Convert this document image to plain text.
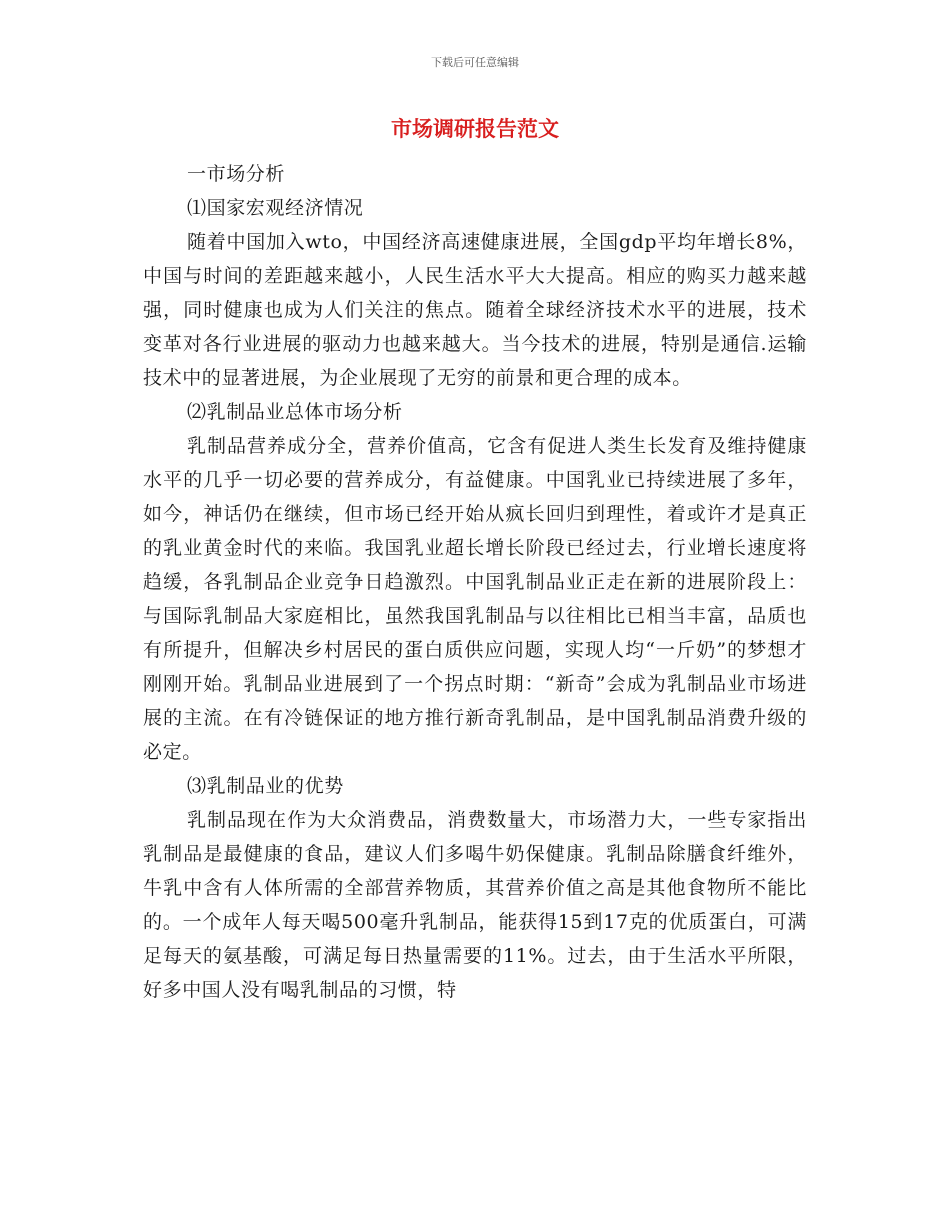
下载后可任意编辑
市场调研报告范文

一市场分析

⑴国家宏观经济情况

随着中国加入wto，中国经济高速健康进展，全国gdp平均年增长8%，中国与时间的差距越来越小，人民生活水平大大提高。相应的购买力越来越强，同时健康也成为人们关注的焦点。随着全球经济技术水平的进展，技术变革对各行业进展的驱动力也越来越大。当今技术的进展，特别是通信.运输技术中的显著进展，为企业展现了无穷的前景和更合理的成本。

⑵乳制品业总体市场分析

乳制品营养成分全，营养价值高，它含有促进人类生长发育及维持健康水平的几乎一切必要的营养成分，有益健康。中国乳业已持续进展了多年，如今，神话仍在继续，但市场已经开始从疯长回归到理性，着或许才是真正的乳业黄金时代的来临。我国乳业超长增长阶段已经过去，行业增长速度将趋缓，各乳制品企业竞争日趋激烈。中国乳制品业正走在新的进展阶段上：与国际乳制品大家庭相比，虽然我国乳制品与以往相比已相当丰富，品质也有所提升，但解决乡村居民的蛋白质供应问题，实现人均“一斤奶”的梦想才刚刚开始。乳制品业进展到了一个拐点时期：“新奇”会成为乳制品业市场进展的主流。在有冷链保证的地方推行新奇乳制品，是中国乳制品消费升级的必定。

⑶乳制品业的优势

乳制品现在作为大众消费品，消费数量大，市场潜力大，一些专家指出乳制品是最健康的食品，建议人们多喝牛奶保健康。乳制品除膳食纤维外，牛乳中含有人体所需的全部营养物质，其营养价值之高是其他食物所不能比的。一个成年人每天喝500毫升乳制品，能获得15到17克的优质蛋白，可满足每天的氨基酸，可满足每日热量需要的11%。过去，由于生活水平所限，好多中国人没有喝乳制品的习惯，特
